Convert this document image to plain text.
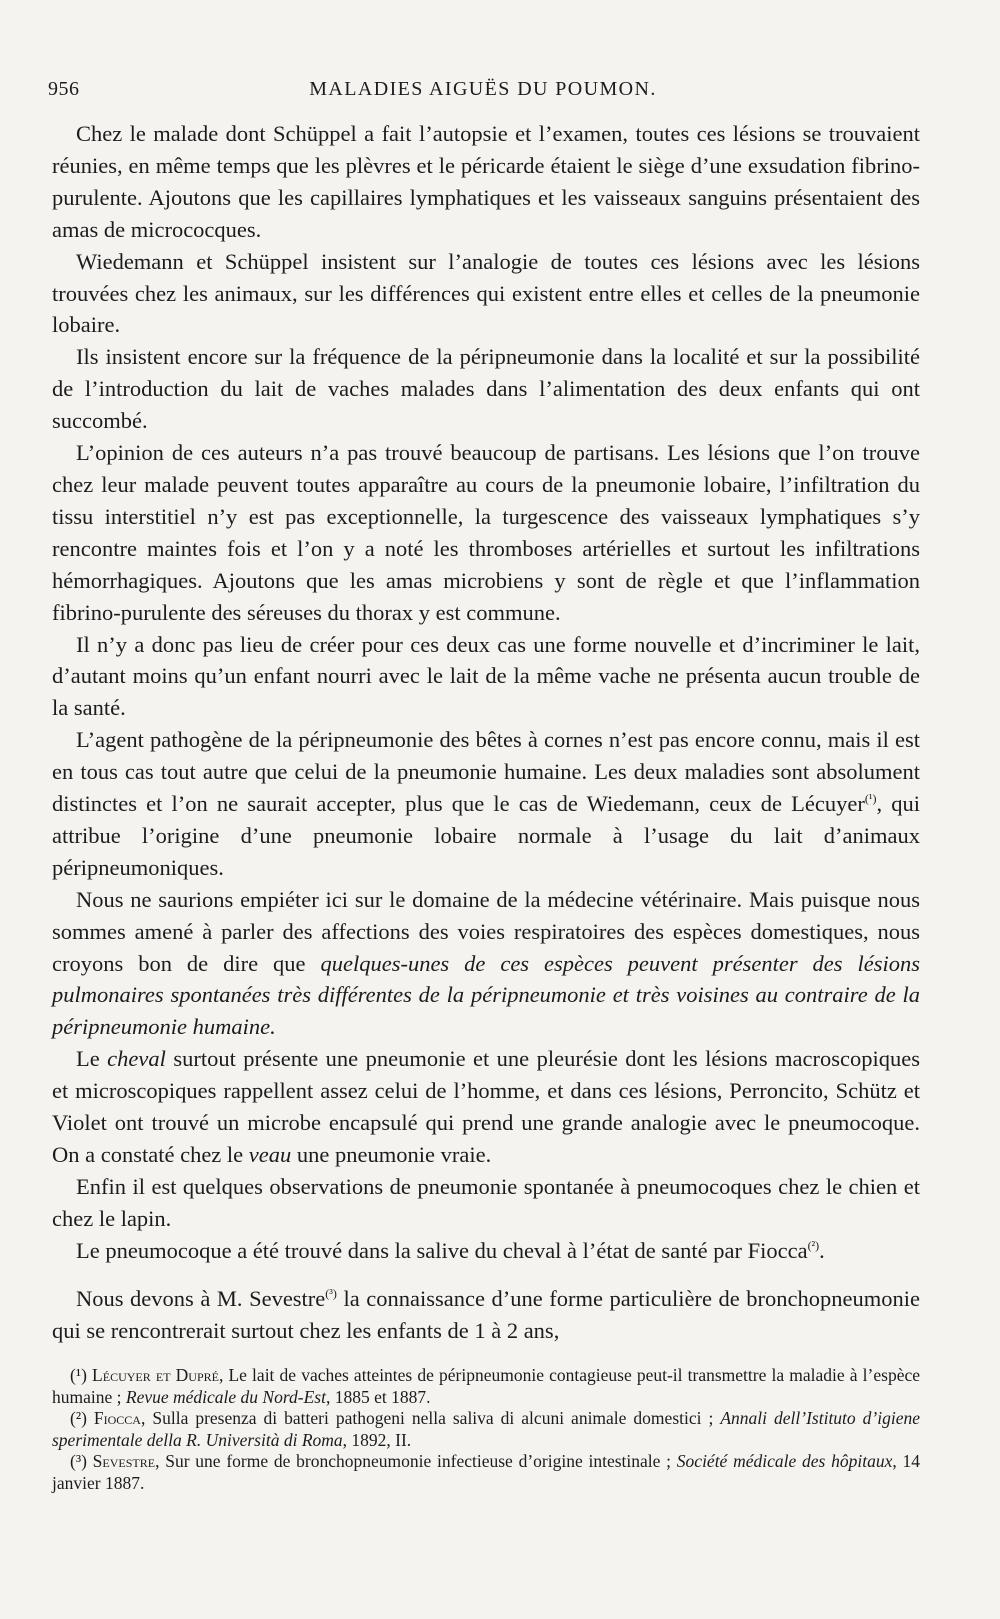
956	MALADIES AIGUËS DU POUMON.

Chez le malade dont Schüppel a fait l’autopsie et l’examen, toutes ces lésions se trouvaient réunies, en même temps que les plèvres et le péricarde étaient le siège d’une exsudation fibrino-purulente. Ajoutons que les capillaires lymphatiques et les vaisseaux sanguins présentaient des amas de micrococques.

Wiedemann et Schüppel insistent sur l’analogie de toutes ces lésions avec les lésions trouvées chez les animaux, sur les différences qui existent entre elles et celles de la pneumonie lobaire.

Ils insistent encore sur la fréquence de la péripneumonie dans la localité et sur la possibilité de l’introduction du lait de vaches malades dans l’alimentation des deux enfants qui ont succombé.

L’opinion de ces auteurs n’a pas trouvé beaucoup de partisans. Les lésions que l’on trouve chez leur malade peuvent toutes apparaître au cours de la pneumonie lobaire, l’infiltration du tissu interstitiel n’y est pas exceptionnelle, la turgescence des vaisseaux lymphatiques s’y rencontre maintes fois et l’on y a noté les thromboses artérielles et surtout les infiltrations hémorrhagiques. Ajoutons que les amas microbiens y sont de règle et que l’inflammation fibrino-purulente des séreuses du thorax y est commune.

Il n’y a donc pas lieu de créer pour ces deux cas une forme nouvelle et d’incriminer le lait, d’autant moins qu’un enfant nourri avec le lait de la même vache ne présenta aucun trouble de la santé.

L’agent pathogène de la péripneumonie des bêtes à cornes n’est pas encore connu, mais il est en tous cas tout autre que celui de la pneumonie humaine. Les deux maladies sont absolument distinctes et l’on ne saurait accepter, plus que le cas de Wiedemann, ceux de Lécuyer$^{(^1)}$, qui attribue l’origine d’une pneumonie lobaire normale à l’usage du lait d’animaux péripneumoniques.

Nous ne saurions empiéter ici sur le domaine de la médecine vétérinaire. Mais puisque nous sommes amené à parler des affections des voies respiratoires des espèces domestiques, nous croyons bon de dire que quelques-unes de ces espèces peuvent présenter des lésions pulmonaires spontanées très différentes de la péripneumonie et très voisines au contraire de la péripneumonie humaine.

Le cheval surtout présente une pneumonie et une pleurésie dont les lésions macroscopiques et microscopiques rappellent assez celui de l’homme, et dans ces lésions, Perroncito, Schütz et Violet ont trouvé un microbe encapsulé qui prend une grande analogie avec le pneumocoque. On a constaté chez le veau une pneumonie vraie.

Enfin il est quelques observations de pneumonie spontanée à pneumocoques chez le chien et chez le lapin.

Le pneumocoque a été trouvé dans la salive du cheval à l’état de santé par Fiocca$^{(^2)}$.

Nous devons à M. Sevestre$^{(^3)}$ la connaissance d’une forme particulière de bronchopneumonie qui se rencontrerait surtout chez les enfants de 1 à 2 ans,

(¹) Lécuyer et Dupré, Le lait de vaches atteintes de péripneumonie contagieuse peut-il transmettre la maladie à l’espèce humaine ; Revue médicale du Nord-Est, 1885 et 1887.

(²) Fiocca, Sulla presenza di batteri pathogeni nella saliva di alcuni animale domestici ; Annali dell’Istituto d’igiene sperimentale della R. Università di Roma, 1892, II.

(³) Sevestre, Sur une forme de bronchopneumonie infectieuse d’origine intestinale ; Société médicale des hôpitaux, 14 janvier 1887.
